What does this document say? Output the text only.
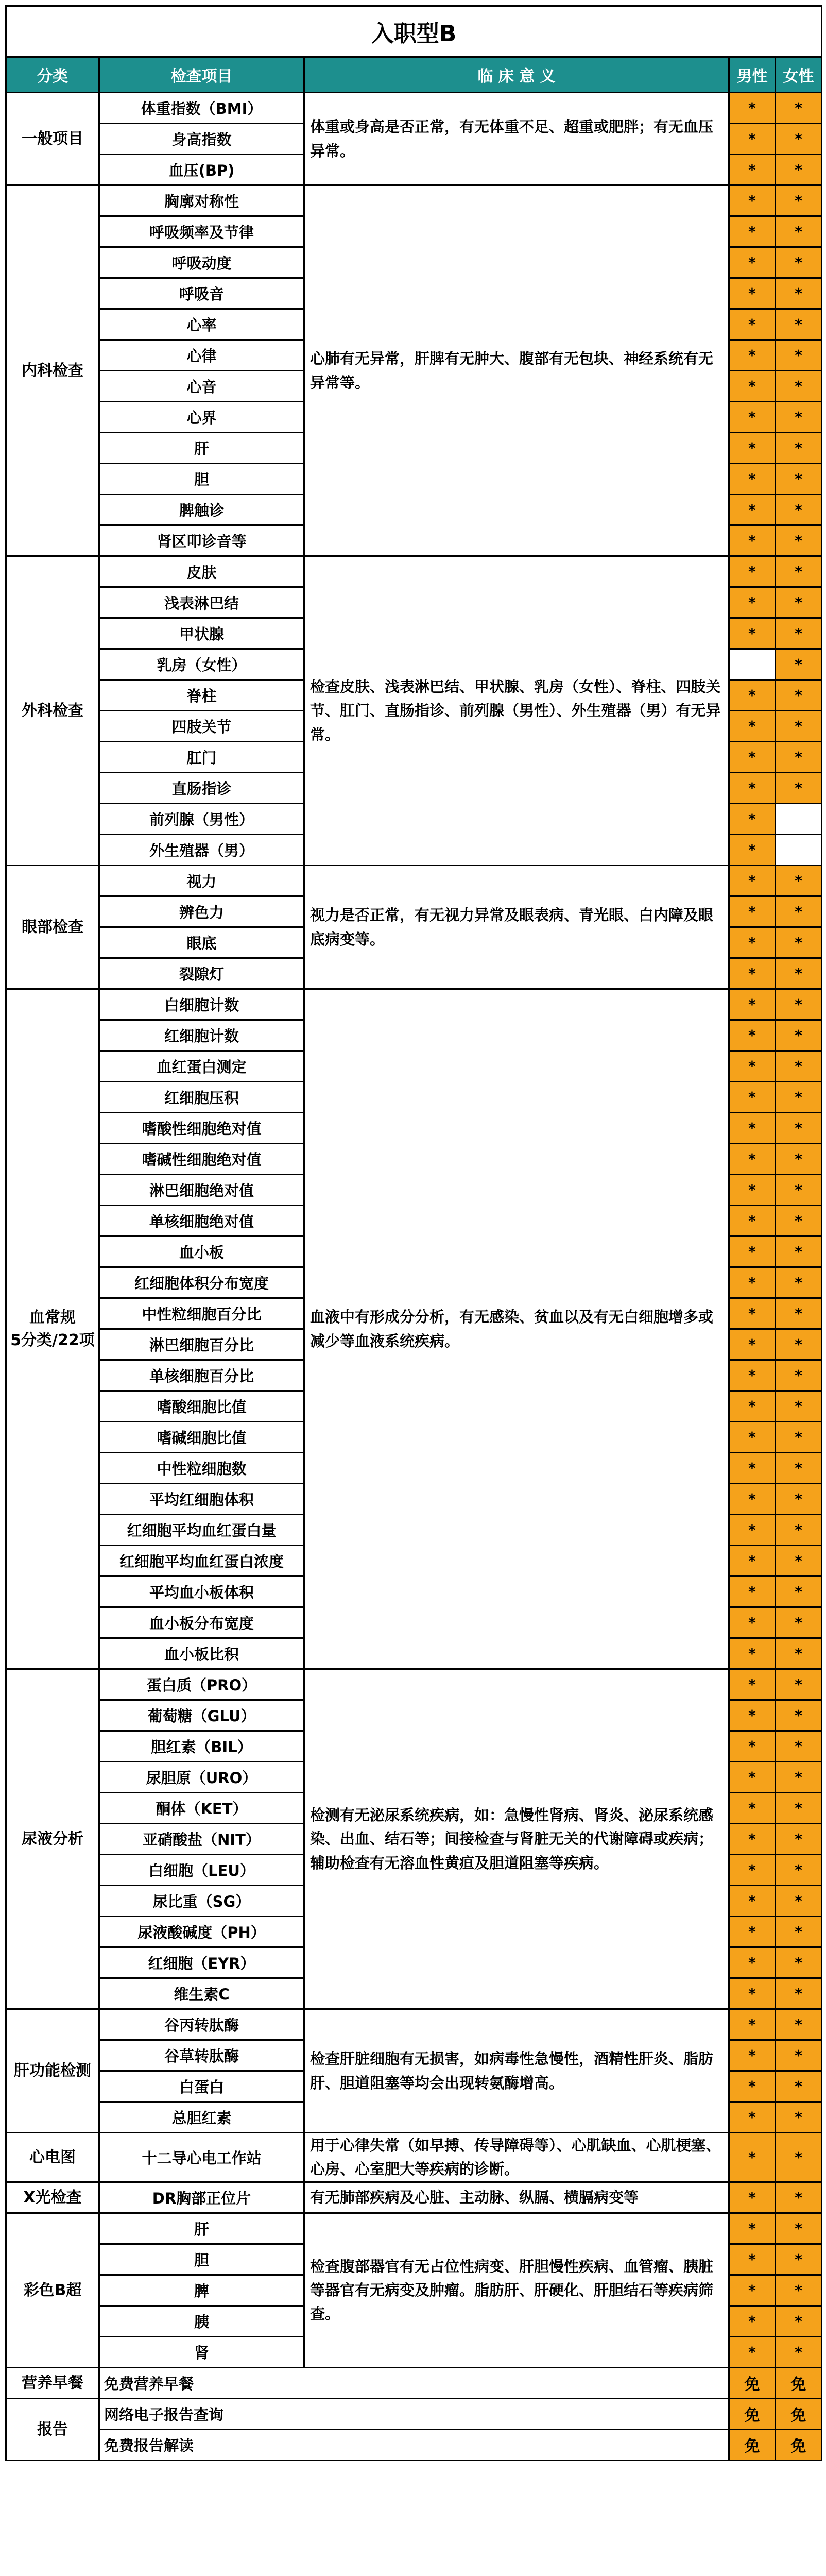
入职型B				
分类	检查项目	临 床 意 义	男性	女性
一般项目	体重指数（BMI）	体重或身高是否正常，有无体重不足、超重或肥胖；有无血压异常。	*	*
	身高指数		*	*
	血压(BP)		*	*
内科检查	胸廓对称性	心肺有无异常，肝脾有无肿大、腹部有无包块、神经系统有无异常等。	*	*
	呼吸频率及节律		*	*
	呼吸动度		*	*
	呼吸音		*	*
	心率		*	*
	心律		*	*
	心音		*	*
	心界		*	*
	肝		*	*
	胆		*	*
	脾触诊		*	*
	肾区叩诊音等		*	*
外科检查	皮肤	检查皮肤、浅表淋巴结、甲状腺、乳房（女性）、脊柱、四肢关节、肛门、直肠指诊、前列腺（男性）、外生殖器（男）有无异常。	*	*
	浅表淋巴结		*	*
	甲状腺		*	*
	乳房（女性）			*
	脊柱		*	*
	四肢关节		*	*
	肛门		*	*
	直肠指诊		*	*
	前列腺（男性）		*	
	外生殖器（男）		*	
眼部检查	视力	视力是否正常，有无视力异常及眼表病、青光眼、白内障及眼底病变等。	*	*
	辨色力		*	*
	眼底		*	*
	裂隙灯		*	*
血常规
5分类/22项	白细胞计数	血液中有形成分分析，有无感染、贫血以及有无白细胞增多或减少等血液系统疾病。	*	*
	红细胞计数		*	*
	血红蛋白测定		*	*
	红细胞压积		*	*
	嗜酸性细胞绝对值		*	*
	嗜碱性细胞绝对值		*	*
	淋巴细胞绝对值		*	*
	单核细胞绝对值		*	*
	血小板		*	*
	红细胞体积分布宽度		*	*
	中性粒细胞百分比		*	*
	淋巴细胞百分比		*	*
	单核细胞百分比		*	*
	嗜酸细胞比值		*	*
	嗜碱细胞比值		*	*
	中性粒细胞数		*	*
	平均红细胞体积		*	*
	红细胞平均血红蛋白量		*	*
	红细胞平均血红蛋白浓度		*	*
	平均血小板体积		*	*
	血小板分布宽度		*	*
	血小板比积		*	*
尿液分析	蛋白质（PRO）	检测有无泌尿系统疾病，如：急慢性肾病、肾炎、泌尿系统感染、出血、结石等；间接检查与肾脏无关的代谢障碍或疾病；辅助检查有无溶血性黄疸及胆道阻塞等疾病。	*	*
	葡萄糖（GLU）		*	*
	胆红素（BIL）		*	*
	尿胆原（URO）		*	*
	酮体（KET）		*	*
	亚硝酸盐（NIT）		*	*
	白细胞（LEU）		*	*
	尿比重（SG）		*	*
	尿液酸碱度（PH）		*	*
	红细胞（EYR）		*	*
	维生素C		*	*
肝功能检测	谷丙转肽酶	检查肝脏细胞有无损害，如病毒性急慢性，酒精性肝炎、脂肪肝、胆道阻塞等均会出现转氨酶增高。	*	*
	谷草转肽酶		*	*
	白蛋白		*	*
	总胆红素		*	*
心电图	十二导心电工作站	用于心律失常（如早搏、传导障碍等）、心肌缺血、心肌梗塞、心房、心室肥大等疾病的诊断。	*	*
X光检查	DR胸部正位片	有无肺部疾病及心脏、主动脉、纵膈、横膈病变等	*	*
彩色B超	肝	检查腹部器官有无占位性病变、肝胆慢性疾病、血管瘤、胰脏等器官有无病变及肿瘤。脂肪肝、肝硬化、肝胆结石等疾病筛查。	*	*
	胆		*	*
	脾		*	*
	胰		*	*
	肾		*	*
营养早餐	免费营养早餐		免	免
报告	网络电子报告查询		免	免
	免费报告解读		免	免
